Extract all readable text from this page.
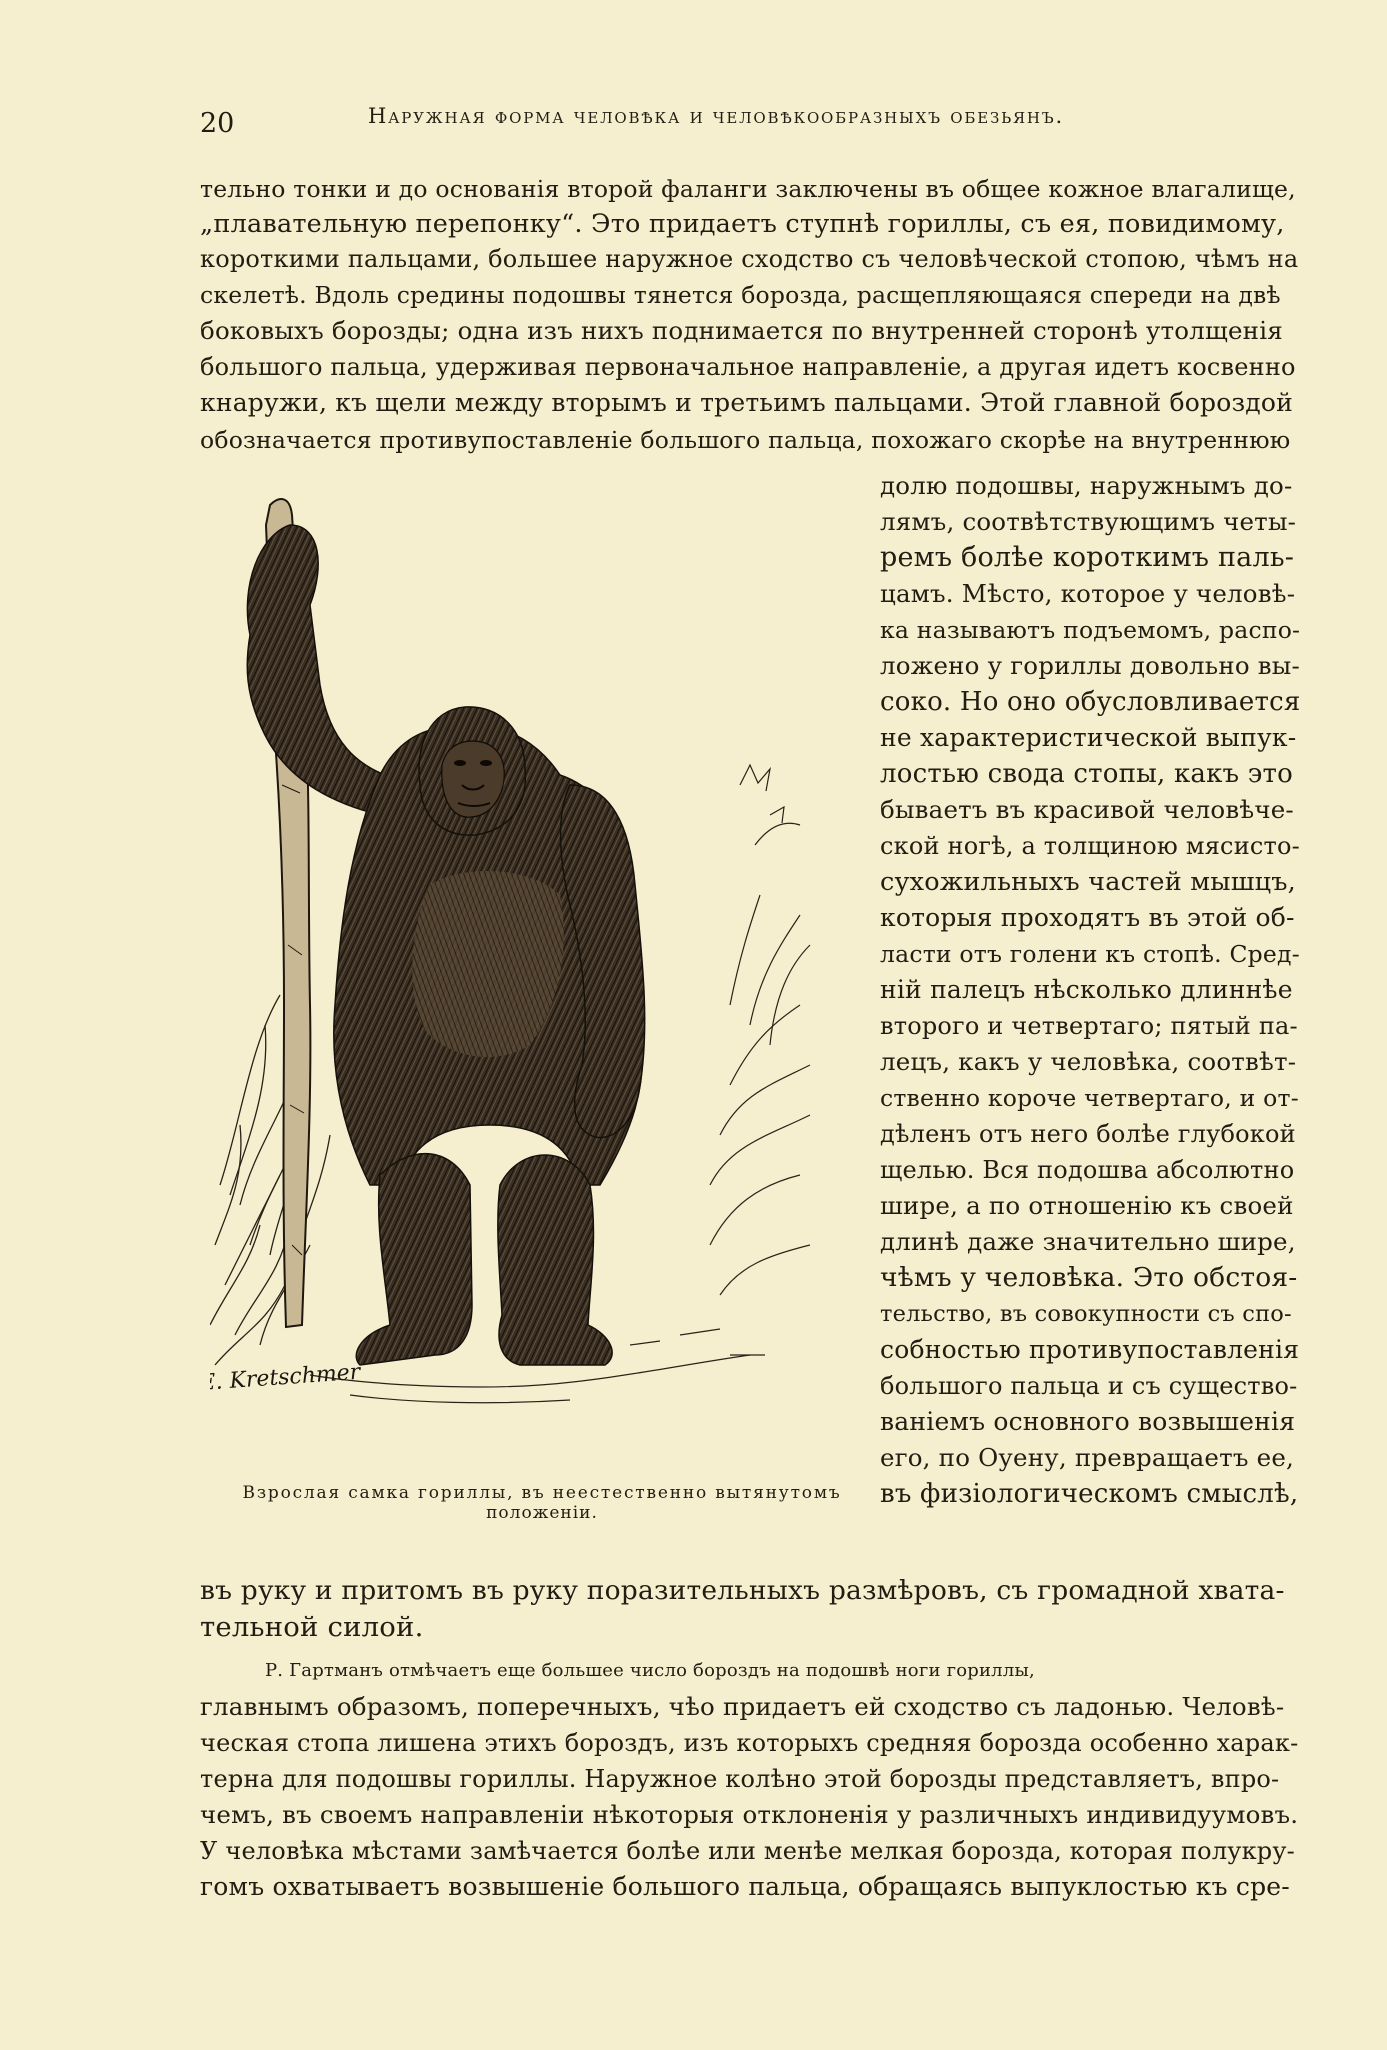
20	Наружная форма человѣка и человѣкообразныхъ обезьянъ.
тельно тонки и до основанія второй фаланги заключены въ общее кожное влагалище,
„плавательную перепонку“. Это придаетъ ступнѣ гориллы, съ ея, повидимому,
короткими пальцами, большее наружное сходство съ человѣческой стопою, чѣмъ на
скелетѣ. Вдоль средины подошвы тянется борозда, расщепляющаяся спереди на двѣ
боковыхъ борозды; одна изъ нихъ поднимается по внутренней сторонѣ утолщенія
большого пальца, удерживая первоначальное направленіе, а другая идетъ косвенно
кнаружи, къ щели между вторымъ и третьимъ пальцами. Этой главной бороздой
обозначается противупоставленіе большого пальца, похожаго скорѣе на внутреннюю
долю подошвы, наружнымъ до-
лямъ, соотвѣтствующимъ четы-
ремъ болѣе короткимъ паль-
цамъ. Мѣсто, которое у человѣ-
ка называютъ подъемомъ, распо-
ложено у гориллы довольно вы-
соко. Но оно обусловливается
не характеристической выпук-
лостью свода стопы, какъ это
бываетъ въ красивой человѣче-
ской ногѣ, а толщиною мясисто-
сухожильныхъ частей мышцъ,
которыя проходятъ въ этой об-
ласти отъ голени къ стопѣ. Сред-
ній палецъ нѣсколько длиннѣе
второго и четвертаго; пятый па-
лецъ, какъ у человѣка, соотвѣт-
ственно короче четвертаго, и от-
дѣленъ отъ него болѣе глубокой
щелью. Вся подошва абсолютно
шире, а по отношенію къ своей
длинѣ даже значительно шире,
чѣмъ у человѣка. Это обстоя-
тельство, въ совокупности съ спо-
собностью противупоставленія
большого пальца и съ существо-
ваніемъ основного возвышенія
его, по Оуену, превращаетъ ее,
въ физіологическомъ смыслѣ,
E. Kretschmer
Взрослая самка гориллы, въ неестественно вытянутомъ
положеніи.
въ руку и притомъ въ руку поразительныхъ размѣровъ, съ громадной хвата-
тельной силой.
Р. Гартманъ отмѣчаетъ еще большее число бороздъ на подошвѣ ноги гориллы,
главнымъ образомъ, поперечныхъ, чѣо придаетъ ей сходство съ ладонью. Человѣ-
ческая стопа лишена этихъ бороздъ, изъ которыхъ средняя борозда особенно харак-
терна для подошвы гориллы. Наружное колѣно этой борозды представляетъ, впро-
чемъ, въ своемъ направленіи нѣкоторыя отклоненія у различныхъ индивидуумовъ.
У человѣка мѣстами замѣчается болѣе или менѣе мелкая борозда, которая полукру-
гомъ охватываетъ возвышеніе большого пальца, обращаясь выпуклостью къ сре-
